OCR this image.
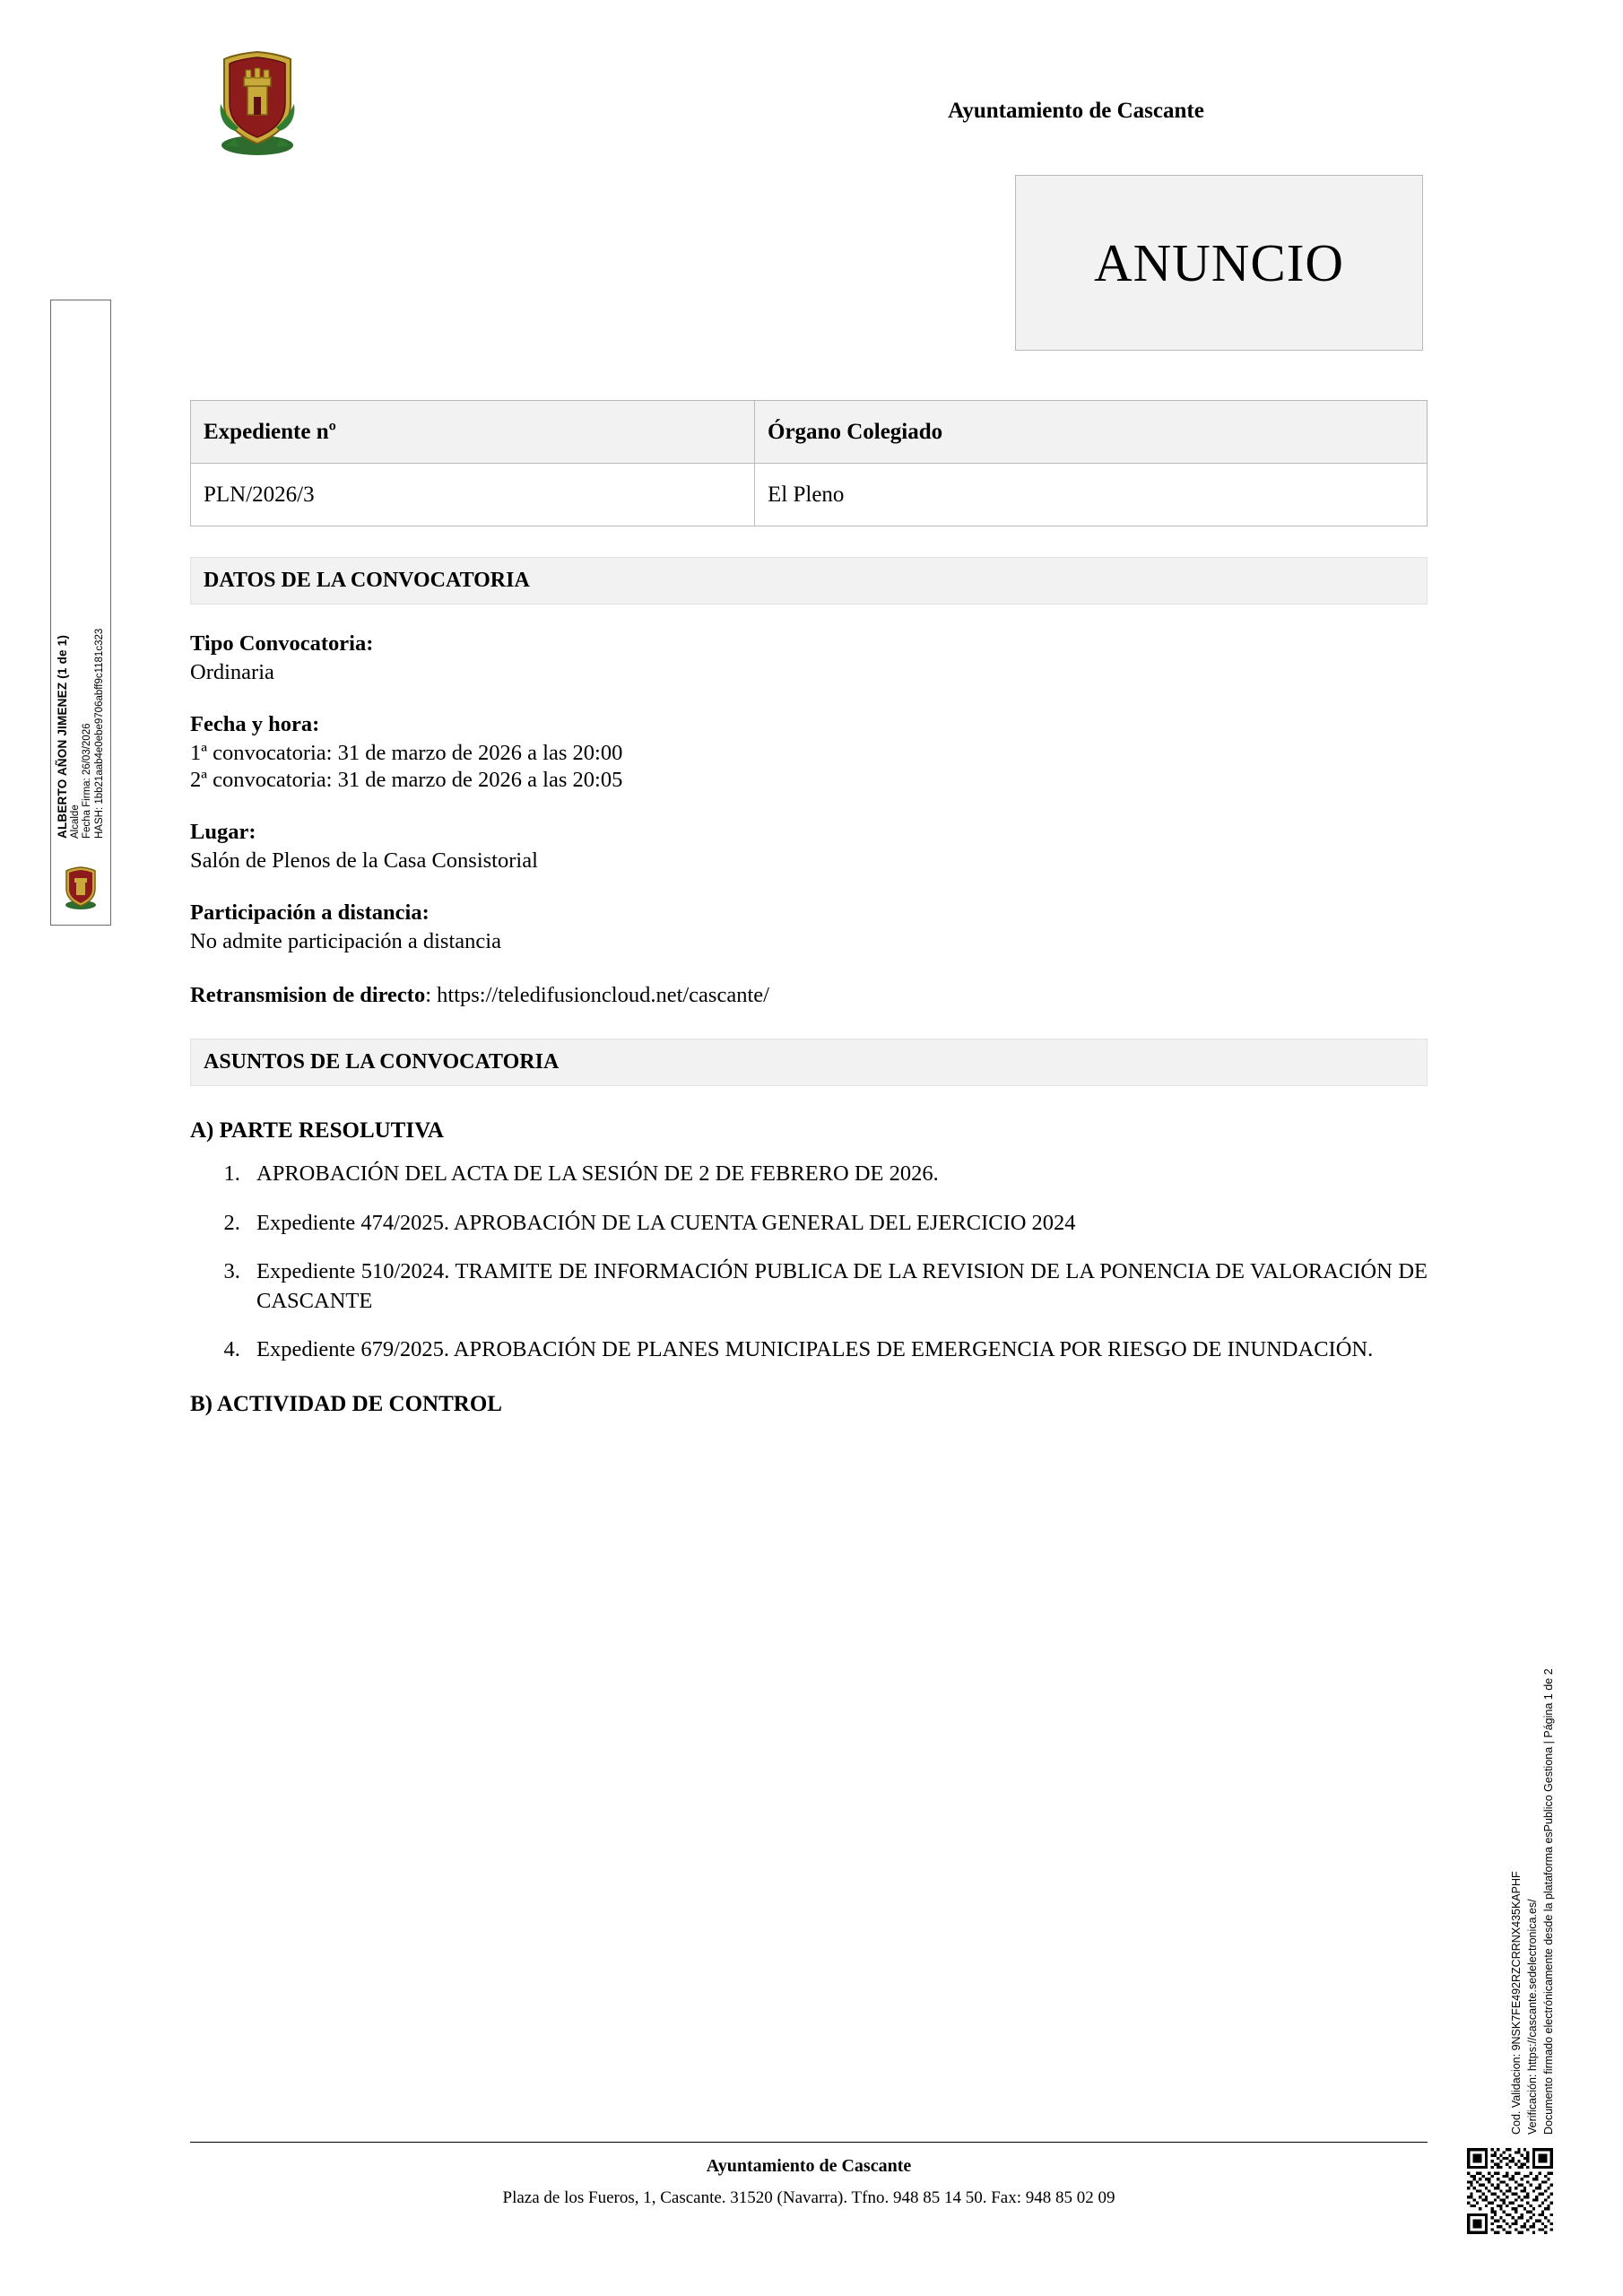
Ayuntamiento de Cascante
ALBERTO AÑON JIMENEZ (1 de 1) Alcalde Fecha Firma: 26/03/2026 HASH: 1bb21aab4e0ebe9706abff9c1181c323
Cod. Validacion: 9NSK7FE492RZCRRNX435KAPHF Verificación: https://cascante.sedelectronica.es/ Documento firmado electrónicamente desde la plataforma esPublico Gestiona | Página 1 de 2
ANUNCIO
Expediente nº	Órgano Colegiado
PLN/2026/3	El Pleno
DATOS DE LA CONVOCATORIA
Tipo Convocatoria:
Ordinaria
Fecha y hora:
1ª convocatoria: 31 de marzo de 2026 a las 20:00
2ª convocatoria: 31 de marzo de 2026 a las 20:05
Lugar:
Salón de Plenos de la Casa Consistorial
Participación a distancia:
No admite participación a distancia
Retransmision de directo: https://teledifusioncloud.net/cascante/
ASUNTOS DE LA CONVOCATORIA
A) PARTE RESOLUTIVA
1. APROBACIÓN DEL ACTA DE LA SESIÓN DE 2 DE FEBRERO DE 2026.
2. Expediente 474/2025. APROBACIÓN DE LA CUENTA GENERAL DEL EJERCICIO 2024
3. Expediente 510/2024. TRAMITE DE INFORMACIÓN PUBLICA DE LA REVISION DE LA PONENCIA DE VALORACIÓN DE CASCANTE
4. Expediente 679/2025. APROBACIÓN DE PLANES MUNICIPALES DE EMERGENCIA POR RIESGO DE INUNDACIÓN.
B) ACTIVIDAD DE CONTROL
Ayuntamiento de Cascante
Plaza de los Fueros, 1, Cascante. 31520 (Navarra). Tfno. 948 85 14 50. Fax: 948 85 02 09
